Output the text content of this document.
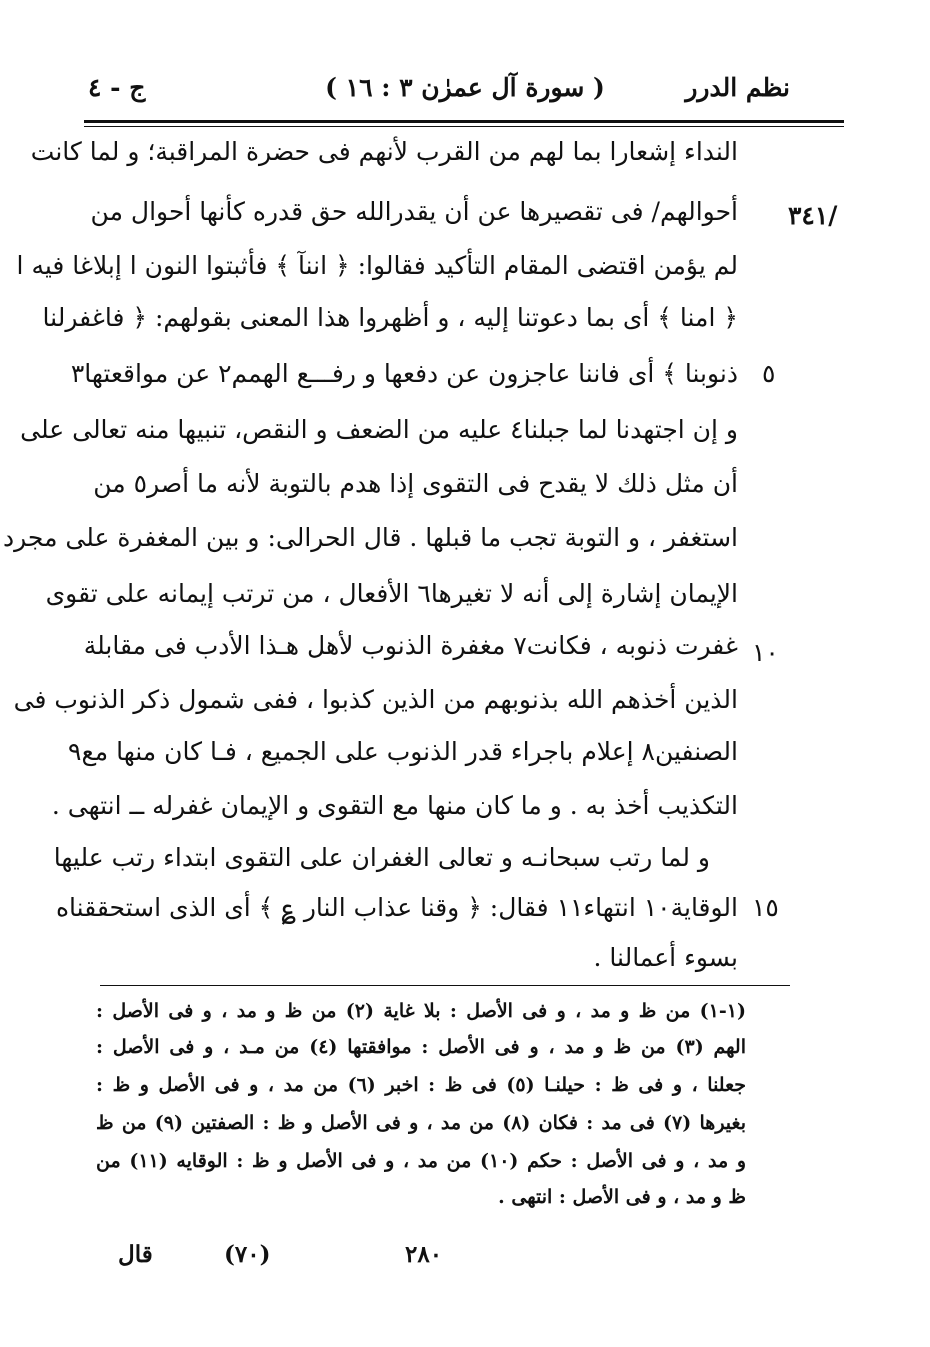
نظم الدرر
( سورة آل عمرٰن ٣ : ١٦ )
ج - ٤
/٣٤١
٥
١٠
١٥
النداء إشعارا بما لهم من القرب لأنهم فى حضرة المراقبة؛ و لما كانت
أحوالهم/ فى تقصيرها عن أن يقدرالله حق قدره كأنها أحوال من
لم يؤمن اقتضى المقام التأكيد فقالوا: ﴿ اننآ ﴾ فأثبتوا النون ا إبلاغا فيه ا
﴿ امنا ﴾ أى بما دعوتنا إليه ، و أظهروا هذا المعنى بقولهم: ﴿ فاغفرلنا
ذنوبنا ﴾ أى فاننا عاجزون عن دفعها و رفـــع الهمم٢ عن مواقعتها٣
و إن اجتهدنا لما جبلنا٤ عليه من الضعف و النقص، تنبيها منه تعالى على
أن مثل ذلك لا يقدح فى التقوى إذا هدم بالتوبة لأنه ما أصر٥ من
استغفر ، و التوبة تجب ما قبلها . قال الحرالى: و بين المغفرة على مجرد
الإيمان إشارة إلى أنه لا تغيرها٦ الأفعال ، من ترتب إيمانه على تقوى
غفرت ذنوبه ، فكانت٧ مغفرة الذنوب لأهل هـذا الأدب فى مقابلة
الذين أخذهم الله بذنوبهم من الذين كذبوا ، ففى شمول ذكر الذنوب فى
الصنفين٨ إعلام باجراء قدر الذنوب على الجميع ، فـا كان منها مع٩
التكذيب أخذ به . و ما كان منها مع التقوى و الإيمان غفرله ــ انتهى .
و لما رتب سبحانـه و تعالى الغفران على التقوى ابتداء رتب عليها
الوقاية١٠ انتهاء١١ فقال: ﴿ وقنا عذاب النار ؏ ﴾ أى الذى استحققناه
بسوء أعمالنا .
(١-١) من ظ و مد ، و فى الأصل : بلا غاية (٢) من ظ و مد ، و فى الأصل :
الهم (٣) من ظ و مد ، و فى الأصل : موافقتها (٤) من مـد ، و فى الأصل :
جعلنا ، و فى ظ : حيلنـا (٥) فى ظ : اخبر (٦) من مد ، و فى الأصل و ظ :
بغيرها (٧) فى مد : فكان (٨) من مد ، و فى الأصل و ظ : الصفتين (٩) من ظ
و مد ، و فى الأصل : حكم (١٠) من مد ، و فى الأصل و ظ : الوقايه (١١) من
ظ و مد ، و فى الأصل : انتهى .
قال	(٧٠)	٢٨٠
